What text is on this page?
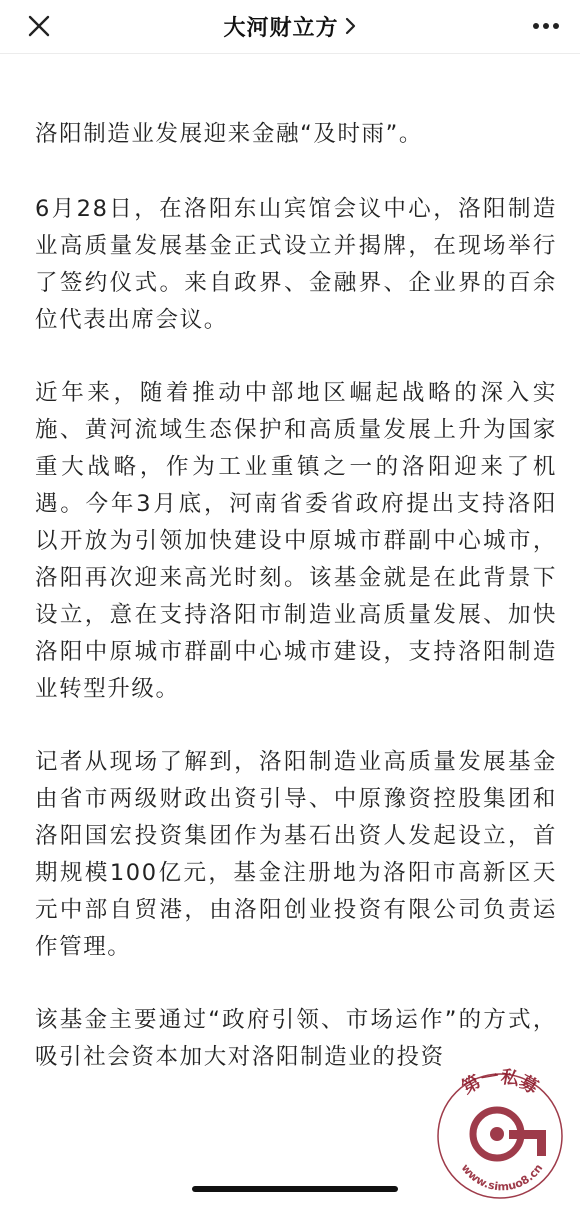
大河财立方

洛阳制造业发展迎来金融“及时雨”。

6月28日，在洛阳东山宾馆会议中心，洛阳制造业高质量发展基金正式设立并揭牌，在现场举行了签约仪式。来自政界、金融界、企业界的百余位代表出席会议。

近年来，随着推动中部地区崛起战略的深入实施、黄河流域生态保护和高质量发展上升为国家重大战略，作为工业重镇之一的洛阳迎来了机遇。今年3月底，河南省委省政府提出支持洛阳以开放为引领加快建设中原城市群副中心城市，洛阳再次迎来高光时刻。该基金就是在此背景下设立，意在支持洛阳市制造业高质量发展、加快洛阳中原城市群副中心城市建设，支持洛阳制造业转型升级。

记者从现场了解到，洛阳制造业高质量发展基金由省市两级财政出资引导、中原豫资控股集团和洛阳国宏投资集团作为基石出资人发起设立，首期规模100亿元，基金注册地为洛阳市高新区天元中部自贸港，由洛阳创业投资有限公司负责运作管理。

该基金主要通过“政府引领、市场运作”的方式，吸引社会资本加大对洛阳制造业的投资

第一私募
www.simuo8.cn
